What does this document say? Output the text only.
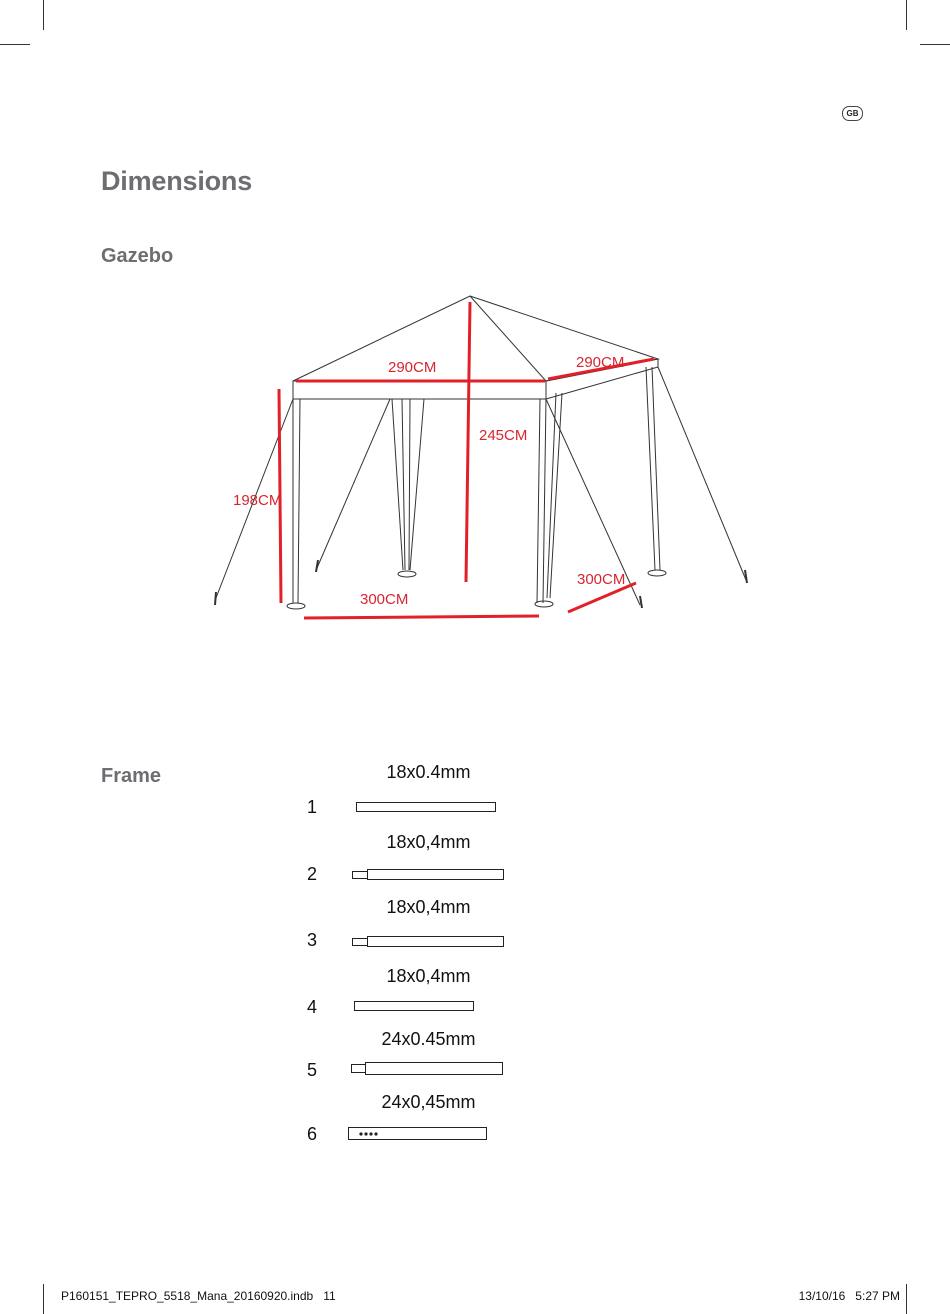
GB
Dimensions
Gazebo
290CM	290CM
245CM
198CM
300CM
300CM
Frame	18x0.4mm
1
18x0,4mm
2
18x0,4mm
3
18x0,4mm
4
24x0.45mm
5
24x0,45mm
6
P160151_TEPRO_5518_Mana_20160920.indb   11	13/10/16   5:27 PM
